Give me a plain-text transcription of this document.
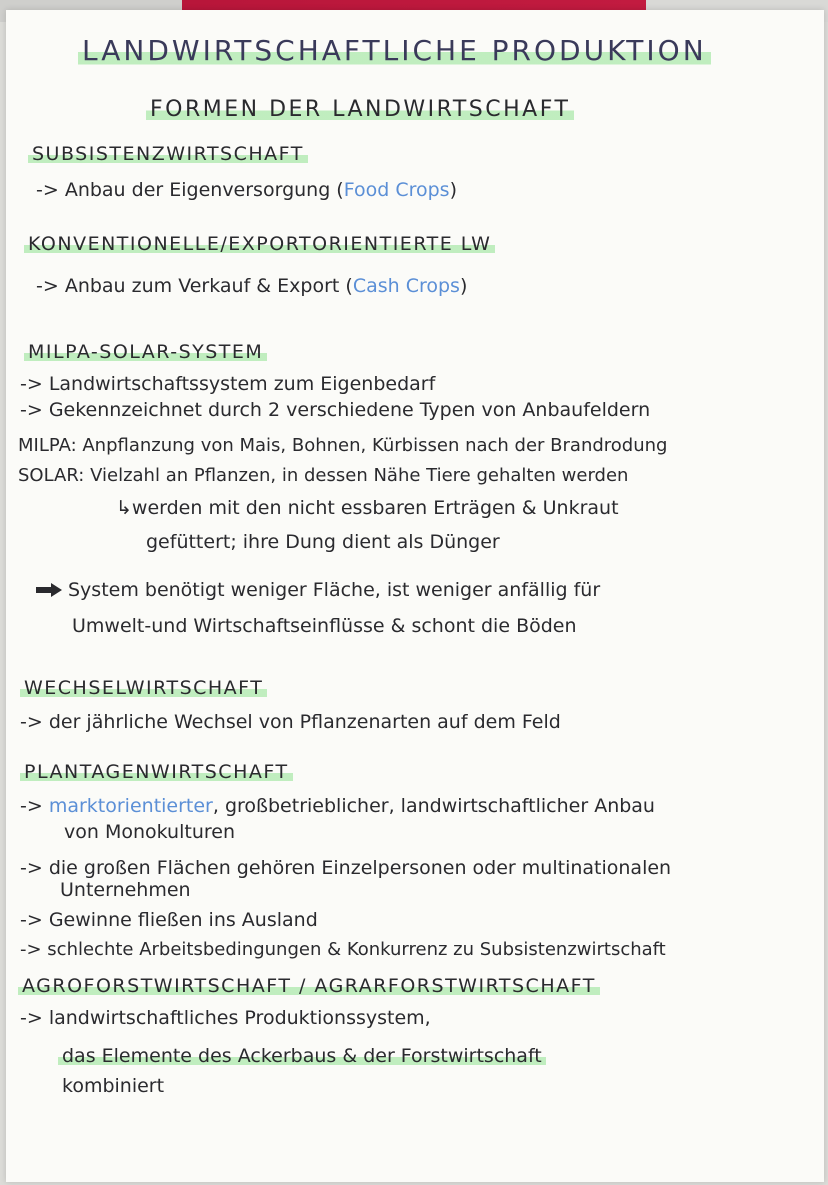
LANDWIRTSCHAFTLICHE PRODUKTION
FORMEN DER LANDWIRTSCHAFT
SUBSISTENZWIRTSCHAFT
-> Anbau der Eigenversorgung (Food Crops)
KONVENTIONELLE/EXPORTORIENTIERTE LW
-> Anbau zum Verkauf & Export (Cash Crops)
MILPA-SOLAR-SYSTEM
-> Landwirtschaftssystem zum Eigenbedarf
-> Gekennzeichnet durch 2 verschiedene Typen von Anbaufeldern
MILPA: Anpflanzung von Mais, Bohnen, Kürbissen nach der Brandrodung
SOLAR: Vielzahl an Pflanzen, in dessen Nähe Tiere gehalten werden
↳werden mit den nicht essbaren Erträgen & Unkraut
gefüttert; ihre Dung dient als Dünger
System benötigt weniger Fläche, ist weniger anfällig für
Umwelt-und Wirtschaftseinflüsse & schont die Böden
WECHSELWIRTSCHAFT
-> der jährliche Wechsel von Pflanzenarten auf dem Feld
PLANTAGENWIRTSCHAFT
-> marktorientierter, großbetrieblicher, landwirtschaftlicher Anbau
von Monokulturen
-> die großen Flächen gehören Einzelpersonen oder multinationalen
Unternehmen
-> Gewinne fließen ins Ausland
-> schlechte Arbeitsbedingungen & Konkurrenz zu Subsistenzwirtschaft
AGROFORSTWIRTSCHAFT / AGRARFORSTWIRTSCHAFT
-> landwirtschaftliches Produktionssystem,
das Elemente des Ackerbaus & der Forstwirtschaft
kombiniert
